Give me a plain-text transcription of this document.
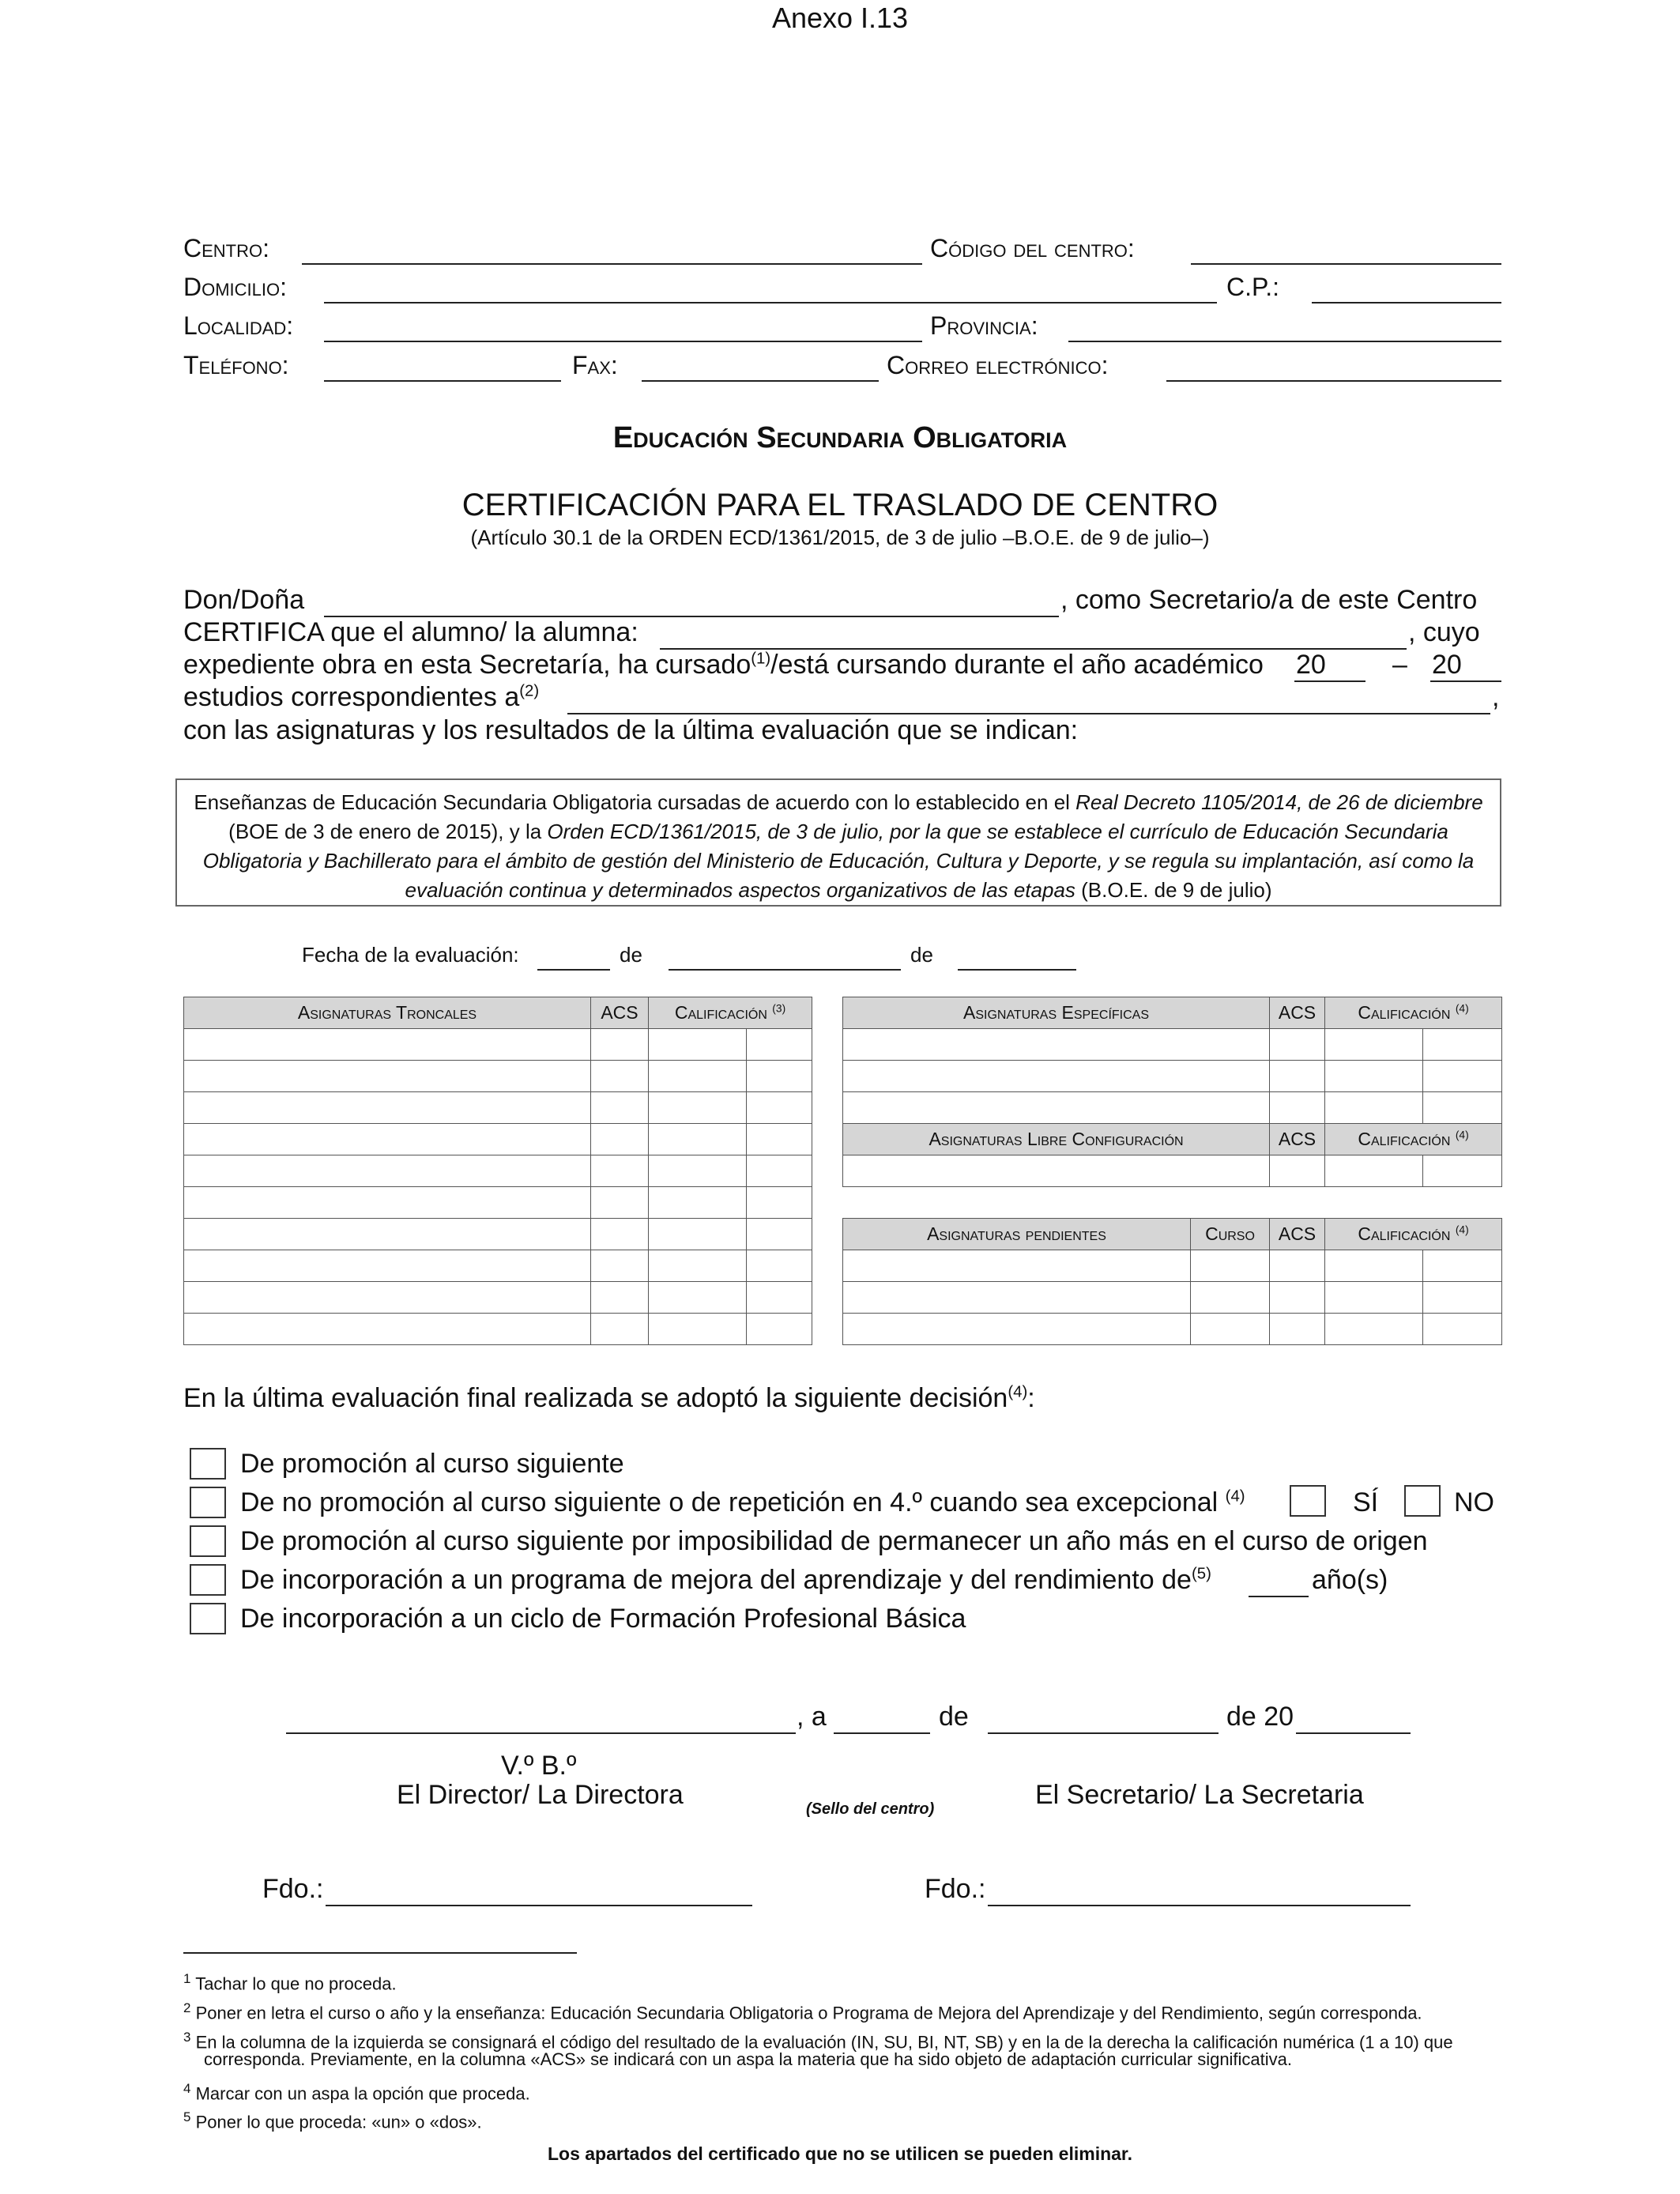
Anexo I.13
Centro:	Código del centro:
Domicilio:	C.P.:
Localidad:	Provincia:
Teléfono:	Fax:	Correo electrónico:
Educación Secundaria Obligatoria
CERTIFICACIÓN PARA EL TRASLADO DE CENTRO
(Artículo 30.1 de la ORDEN ECD/1361/2015, de 3 de julio –B.O.E. de 9 de julio–)
Don/Doña	, como Secretario/a de este Centro
CERTIFICA que el alumno/ la alumna:	, cuyo
expediente obra en esta Secretaría, ha cursado$^{(1)}$/está cursando durante el año académico 20 – 20
estudios correspondientes $a^{(2)}$	,
con las asignaturas y los resultados de la última evaluación que se indican:
Enseñanzas de Educación Secundaria Obligatoria cursadas de acuerdo con lo establecido en el Real Decreto 1105/2014, de 26 de diciembre (BOE de 3 de enero de 2015), y la Orden ECD/1361/2015, de 3 de julio, por la que se establece el currículo de Educación Secundaria Obligatoria y Bachillerato para el ámbito de gestión del Ministerio de Educación, Cultura y Deporte, y se regula su implantación, así como la evaluación continua y determinados aspectos organizativos de las etapas (B.O.E. de 9 de julio)
Fecha de la evaluación:	de	de
Asignaturas Troncales	ACS	Calificación $^{(3)}$

				Asignaturas Específicas		ACS	Calificación $^{(4)}$

Asignaturas Libre Configuración		ACS	Calificación $^{(4)}$

Asignaturas pendientes	Curso	ACS	Calificación $^{(4)}$

En la última evaluación final realizada se adoptó la siguiente decisión$^{(4)}$:
De promoción al curso siguiente
De no promoción al curso siguiente o de repetición en 4.º cuando sea excepcional $^{(4)}$	SÍ	NO
De promoción al curso siguiente por imposibilidad de permanecer un año más en el curso de origen
De incorporación a un programa de mejora del aprendizaje y del rendimiento $de^{(5)}$	año(s)
De incorporación a un ciclo de Formación Profesional Básica
, a	de	de 20
V.º B.º
El Director/ La Directora	(Sello del centro)	El Secretario/ La Secretaria
Fdo.:	Fdo.:
$^1$ Tachar lo que no proceda.
$^2$ Poner en letra el curso o año y la enseñanza: Educación Secundaria Obligatoria o Programa de Mejora del Aprendizaje y del Rendimiento, según corresponda.
$^3$ En la columna de la izquierda se consignará el código del resultado de la evaluación (IN, SU, BI, NT, SB) y en la de la derecha la calificación numérica (1 a 10) que
corresponda. Previamente, en la columna «ACS» se indicará con un aspa la materia que ha sido objeto de adaptación curricular significativa.
$^4$ Marcar con un aspa la opción que proceda.
$^5$ Poner lo que proceda: «un» o «dos».
Los apartados del certificado que no se utilicen se pueden eliminar.
